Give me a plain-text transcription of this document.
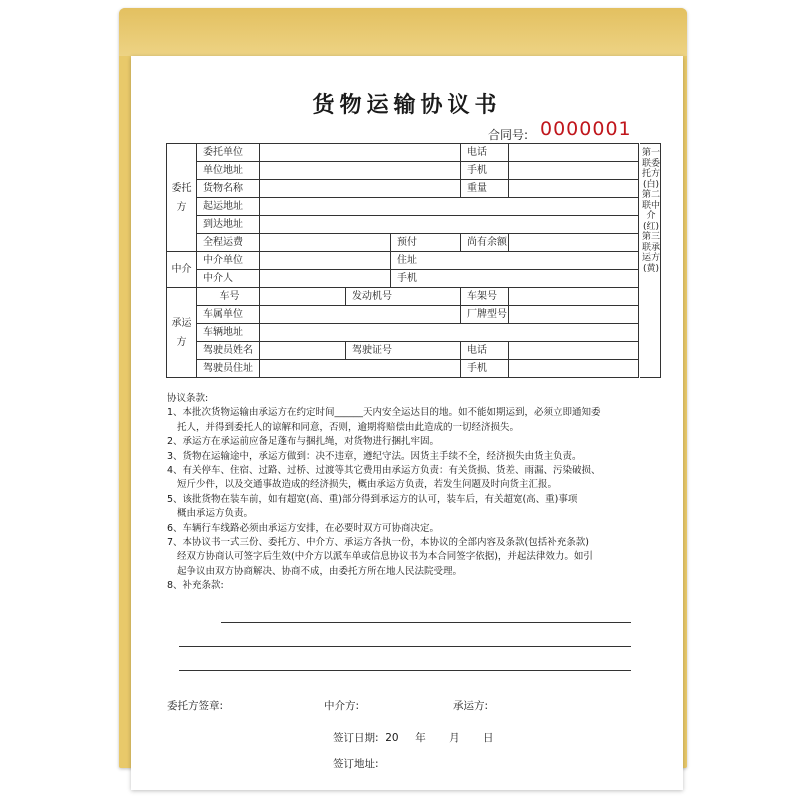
货物运输协议书
合同号: 0000001
委托方	委托单位				电话	
	单位地址				手机	
	货物名称				重量	
	起运地址					
	到达地址					
	全程运费			预付	尚有余额	
中介	中介单位			住址		
	中介人			手机		
承运方	车号		发动机号		车架号	
	车属单位				厂牌型号	
	车辆地址					
	驾驶员姓名		驾驶证号		电话	
	驾驶员住址				手机	
第一联委托方(白)第二联中介(红)第三联承运方(黄)

协议条款:

1、本批次货物运输由承运方在约定时间______天内安全运达目的地。如不能如期运到，必须立即通知委

托人，并得到委托人的谅解和同意，否则，逾期将赔偿由此造成的一切经济损失。

2、承运方在承运前应备足蓬布与捆扎绳，对货物进行捆扎牢固。

3、货物在运输途中，承运方做到：决不违章，遵纪守法。因货主手续不全，经济损失由货主负责。

4、有关停车、住宿、过路、过桥、过渡等其它费用由承运方负责：有关货损、货差、雨漏、污染破损、

短斤少件，以及交通事故造成的经济损失，概由承运方负责，若发生问题及时向货主汇报。

5、该批货物在装车前，如有超宽(高、重)部分得到承运方的认可，装车后，有关超宽(高、重)事项

概由承运方负责。

6、车辆行车线路必须由承运方安排，在必要时双方可协商决定。

7、本协议书一式三份、委托方、中介方、承运方各执一份，本协议的全部内容及条款(包括补充条款)

经双方协商认可签字后生效(中介方以派车单或信息协议书为本合同签字依据)，并起法律效力。如引

起争议由双方协商解决、协商不成，由委托方所在地人民法院受理。

8、补充条款:

委托方签章:	中介方:	承运方:
签订日期:  20     年       月       日
签订地址:
